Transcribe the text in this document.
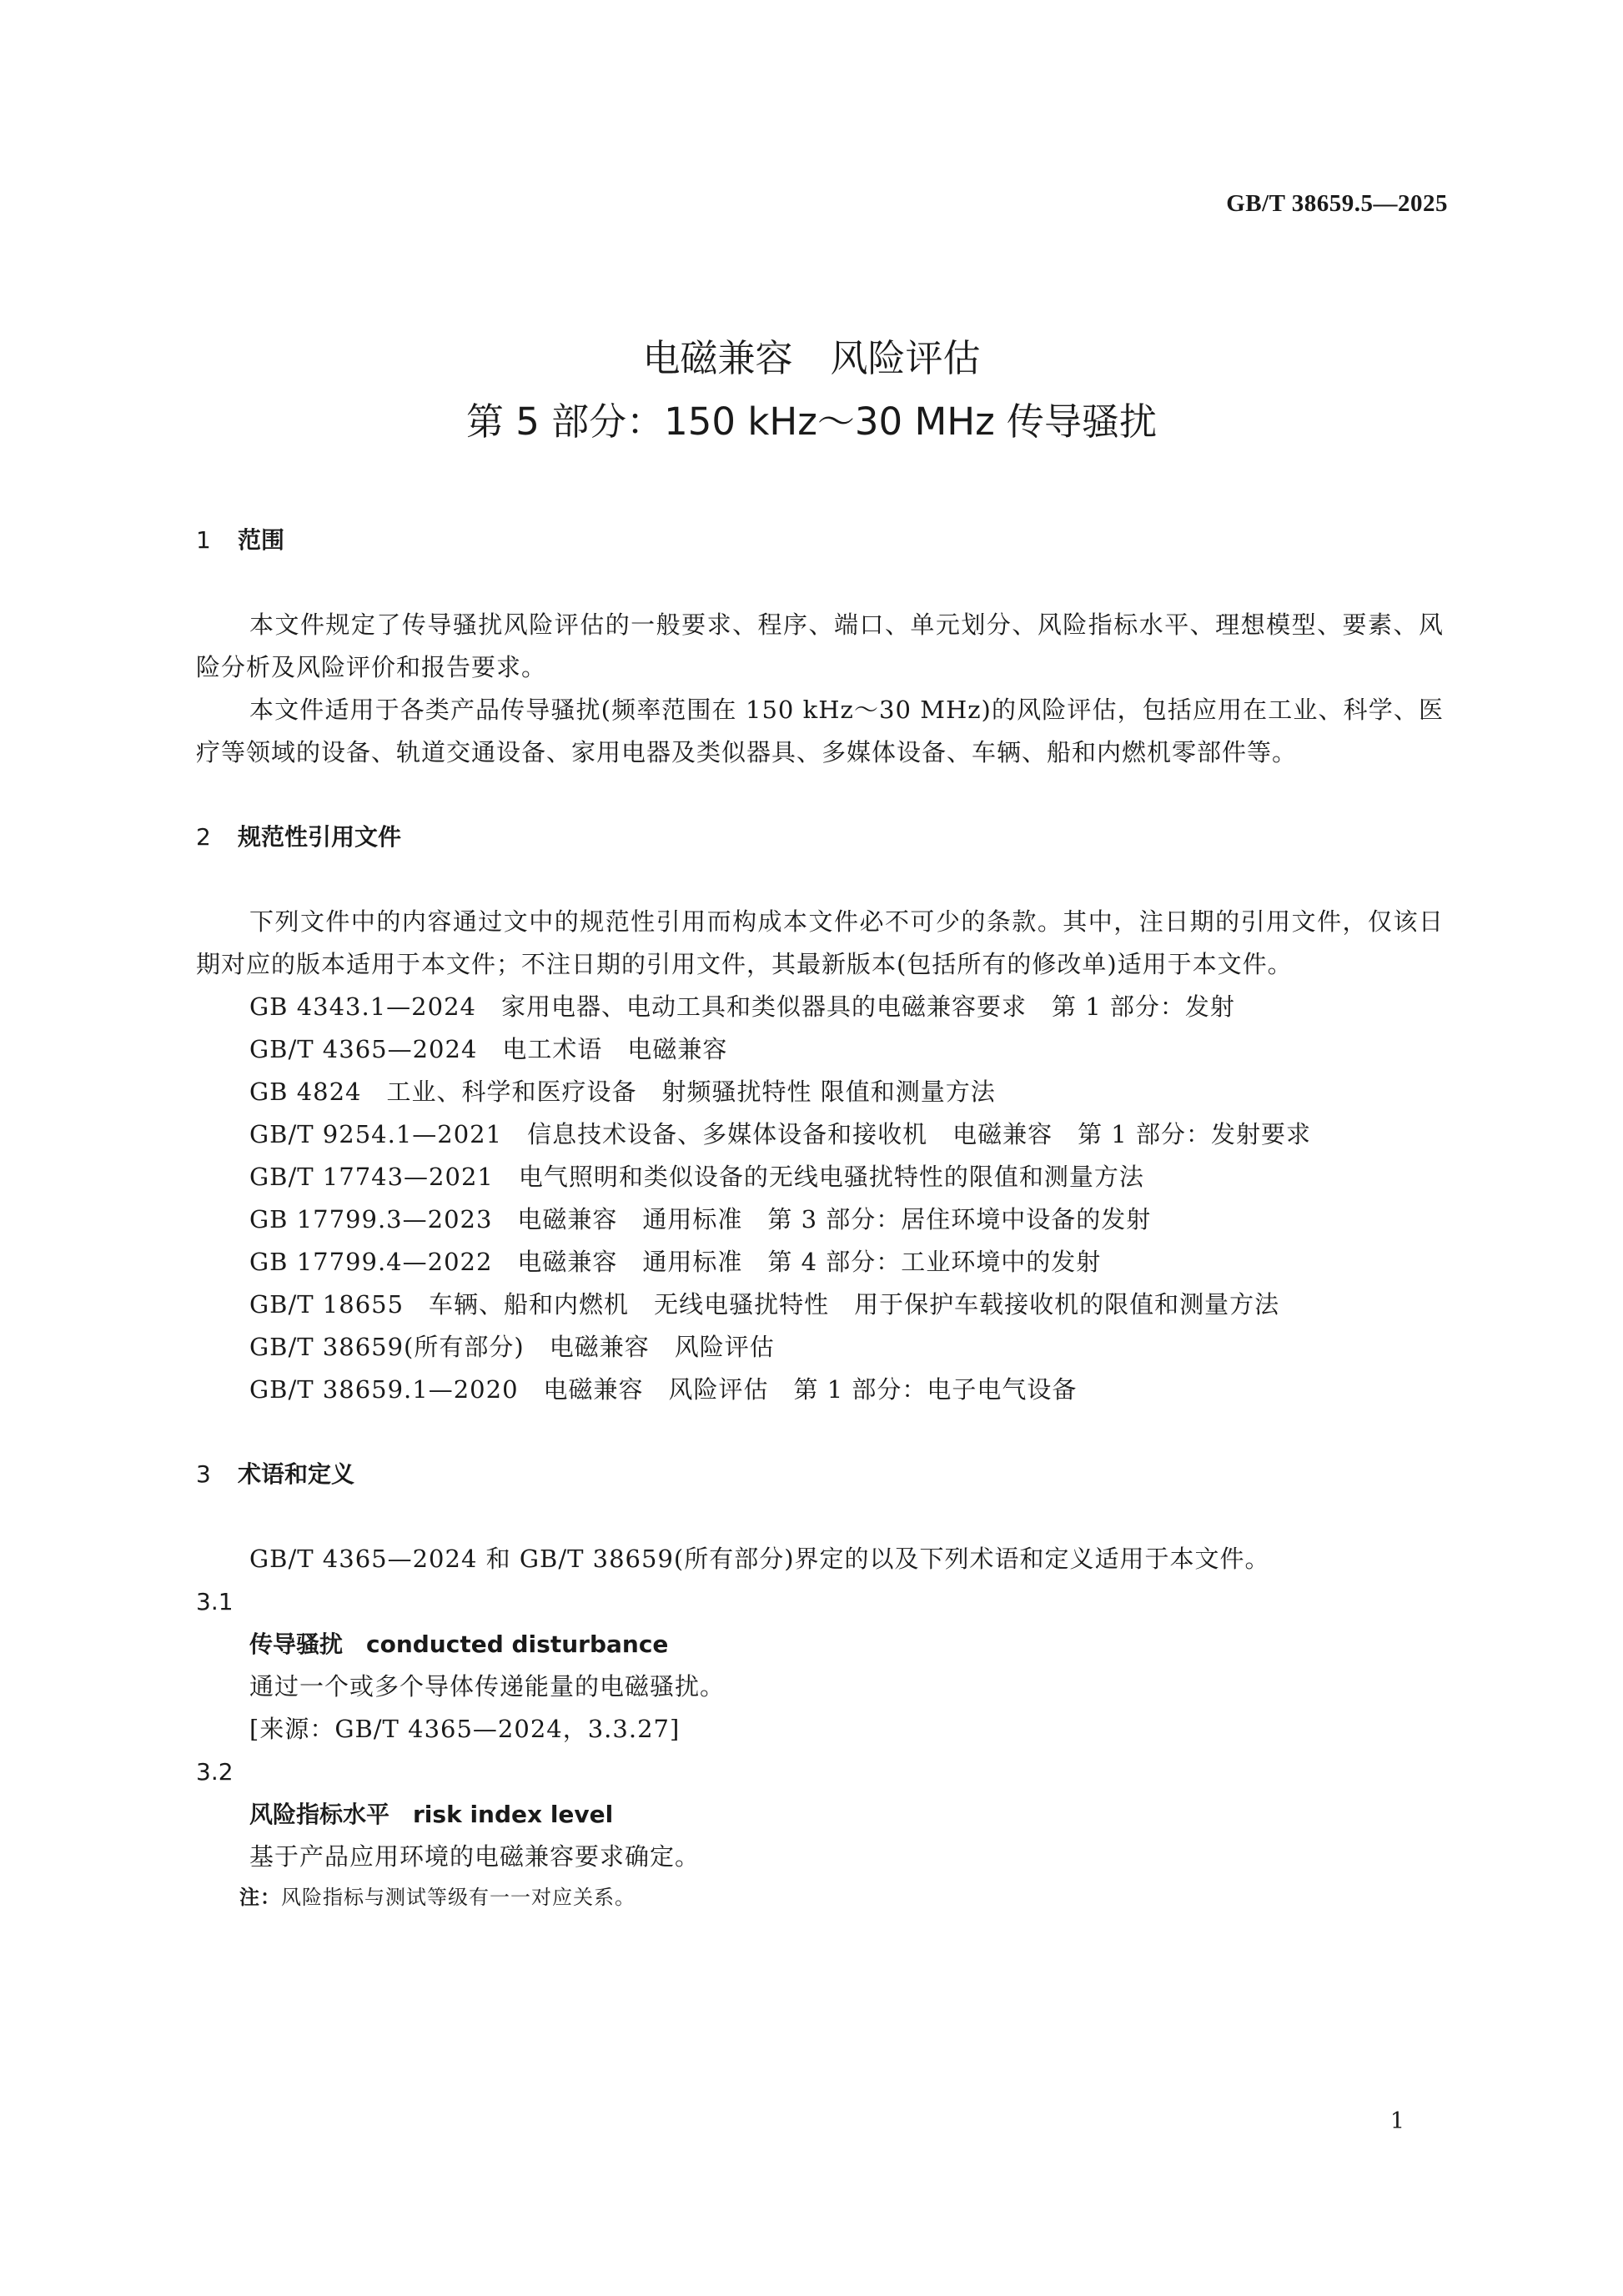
GB/T 38659.5—2025
电磁兼容　风险评估
第 5 部分：150 kHz～30 MHz 传导骚扰
1 范围
本文件规定了传导骚扰风险评估的一般要求、程序、端口、单元划分、风险指标水平、理想模型、要素、风险分析及风险评价和报告要求。
本文件适用于各类产品传导骚扰(频率范围在 150 kHz～30 MHz)的风险评估，包括应用在工业、科学、医疗等领域的设备、轨道交通设备、家用电器及类似器具、多媒体设备、车辆、船和内燃机零部件等。
2 规范性引用文件
下列文件中的内容通过文中的规范性引用而构成本文件必不可少的条款。其中，注日期的引用文件，仅该日期对应的版本适用于本文件；不注日期的引用文件，其最新版本(包括所有的修改单)适用于本文件。
GB 4343.1—2024　家用电器、电动工具和类似器具的电磁兼容要求　第 1 部分：发射
GB/T 4365—2024　电工术语　电磁兼容
GB 4824　工业、科学和医疗设备　射频骚扰特性 限值和测量方法
GB/T 9254.1—2021　信息技术设备、多媒体设备和接收机　电磁兼容　第 1 部分：发射要求
GB/T 17743—2021　电气照明和类似设备的无线电骚扰特性的限值和测量方法
GB 17799.3—2023　电磁兼容　通用标准　第 3 部分：居住环境中设备的发射
GB 17799.4—2022　电磁兼容　通用标准　第 4 部分：工业环境中的发射
GB/T 18655　车辆、船和内燃机　无线电骚扰特性　用于保护车载接收机的限值和测量方法
GB/T 38659(所有部分)　电磁兼容　风险评估
GB/T 38659.1—2020　电磁兼容　风险评估　第 1 部分：电子电气设备
3 术语和定义
GB/T 4365—2024 和 GB/T 38659(所有部分)界定的以及下列术语和定义适用于本文件。
3.1
传导骚扰　conducted disturbance
通过一个或多个导体传递能量的电磁骚扰。
[来源：GB/T 4365—2024，3.3.27]
3.2
风险指标水平　risk index level
基于产品应用环境的电磁兼容要求确定。
注：风险指标与测试等级有一一对应关系。
1
